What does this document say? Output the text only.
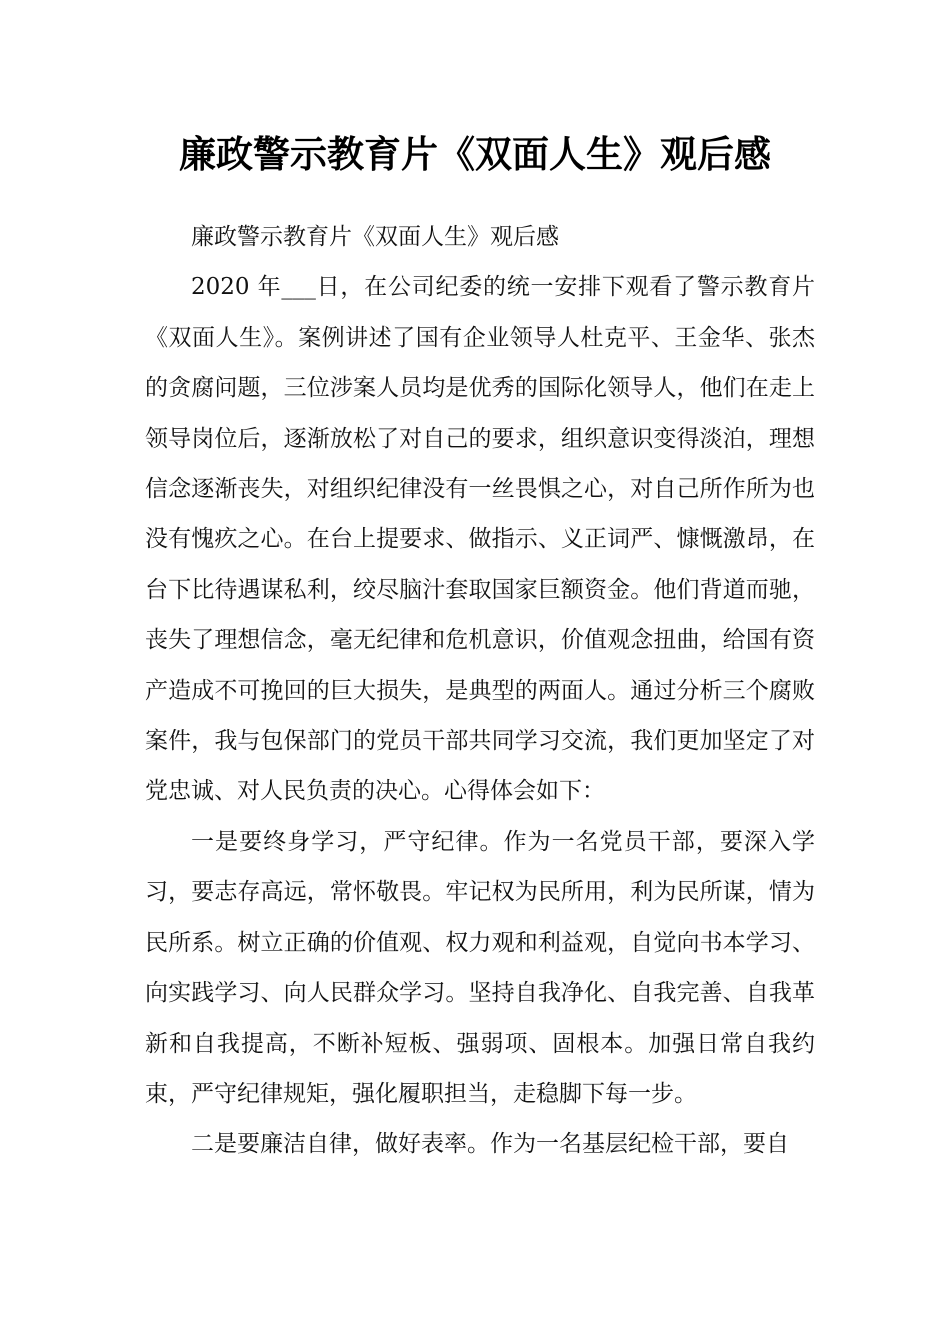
廉政警示教育片《双面人生》观后感

廉政警示教育片《双面人生》观后感

2020 年___日，在公司纪委的统一安排下观看了警示教育片《双面人生》。案例讲述了国有企业领导人杜克平、王金华、张杰的贪腐问题，三位涉案人员均是优秀的国际化领导人，他们在走上领导岗位后，逐渐放松了对自己的要求，组织意识变得淡泊，理想信念逐渐丧失，对组织纪律没有一丝畏惧之心，对自己所作所为也没有愧疚之心。在台上提要求、做指示、义正词严、慷慨激昂，在台下比待遇谋私利，绞尽脑汁套取国家巨额资金。他们背道而驰，丧失了理想信念，毫无纪律和危机意识，价值观念扭曲，给国有资产造成不可挽回的巨大损失，是典型的两面人。通过分析三个腐败案件，我与包保部门的党员干部共同学习交流，我们更加坚定了对党忠诚、对人民负责的决心。心得体会如下：

一是要终身学习，严守纪律。作为一名党员干部，要深入学习，要志存高远，常怀敬畏。牢记权为民所用，利为民所谋，情为民所系。树立正确的价值观、权力观和利益观，自觉向书本学习、向实践学习、向人民群众学习。坚持自我净化、自我完善、自我革新和自我提高，不断补短板、强弱项、固根本。加强日常自我约束，严守纪律规矩，强化履职担当，走稳脚下每一步。

二是要廉洁自律，做好表率。作为一名基层纪检干部，要自
